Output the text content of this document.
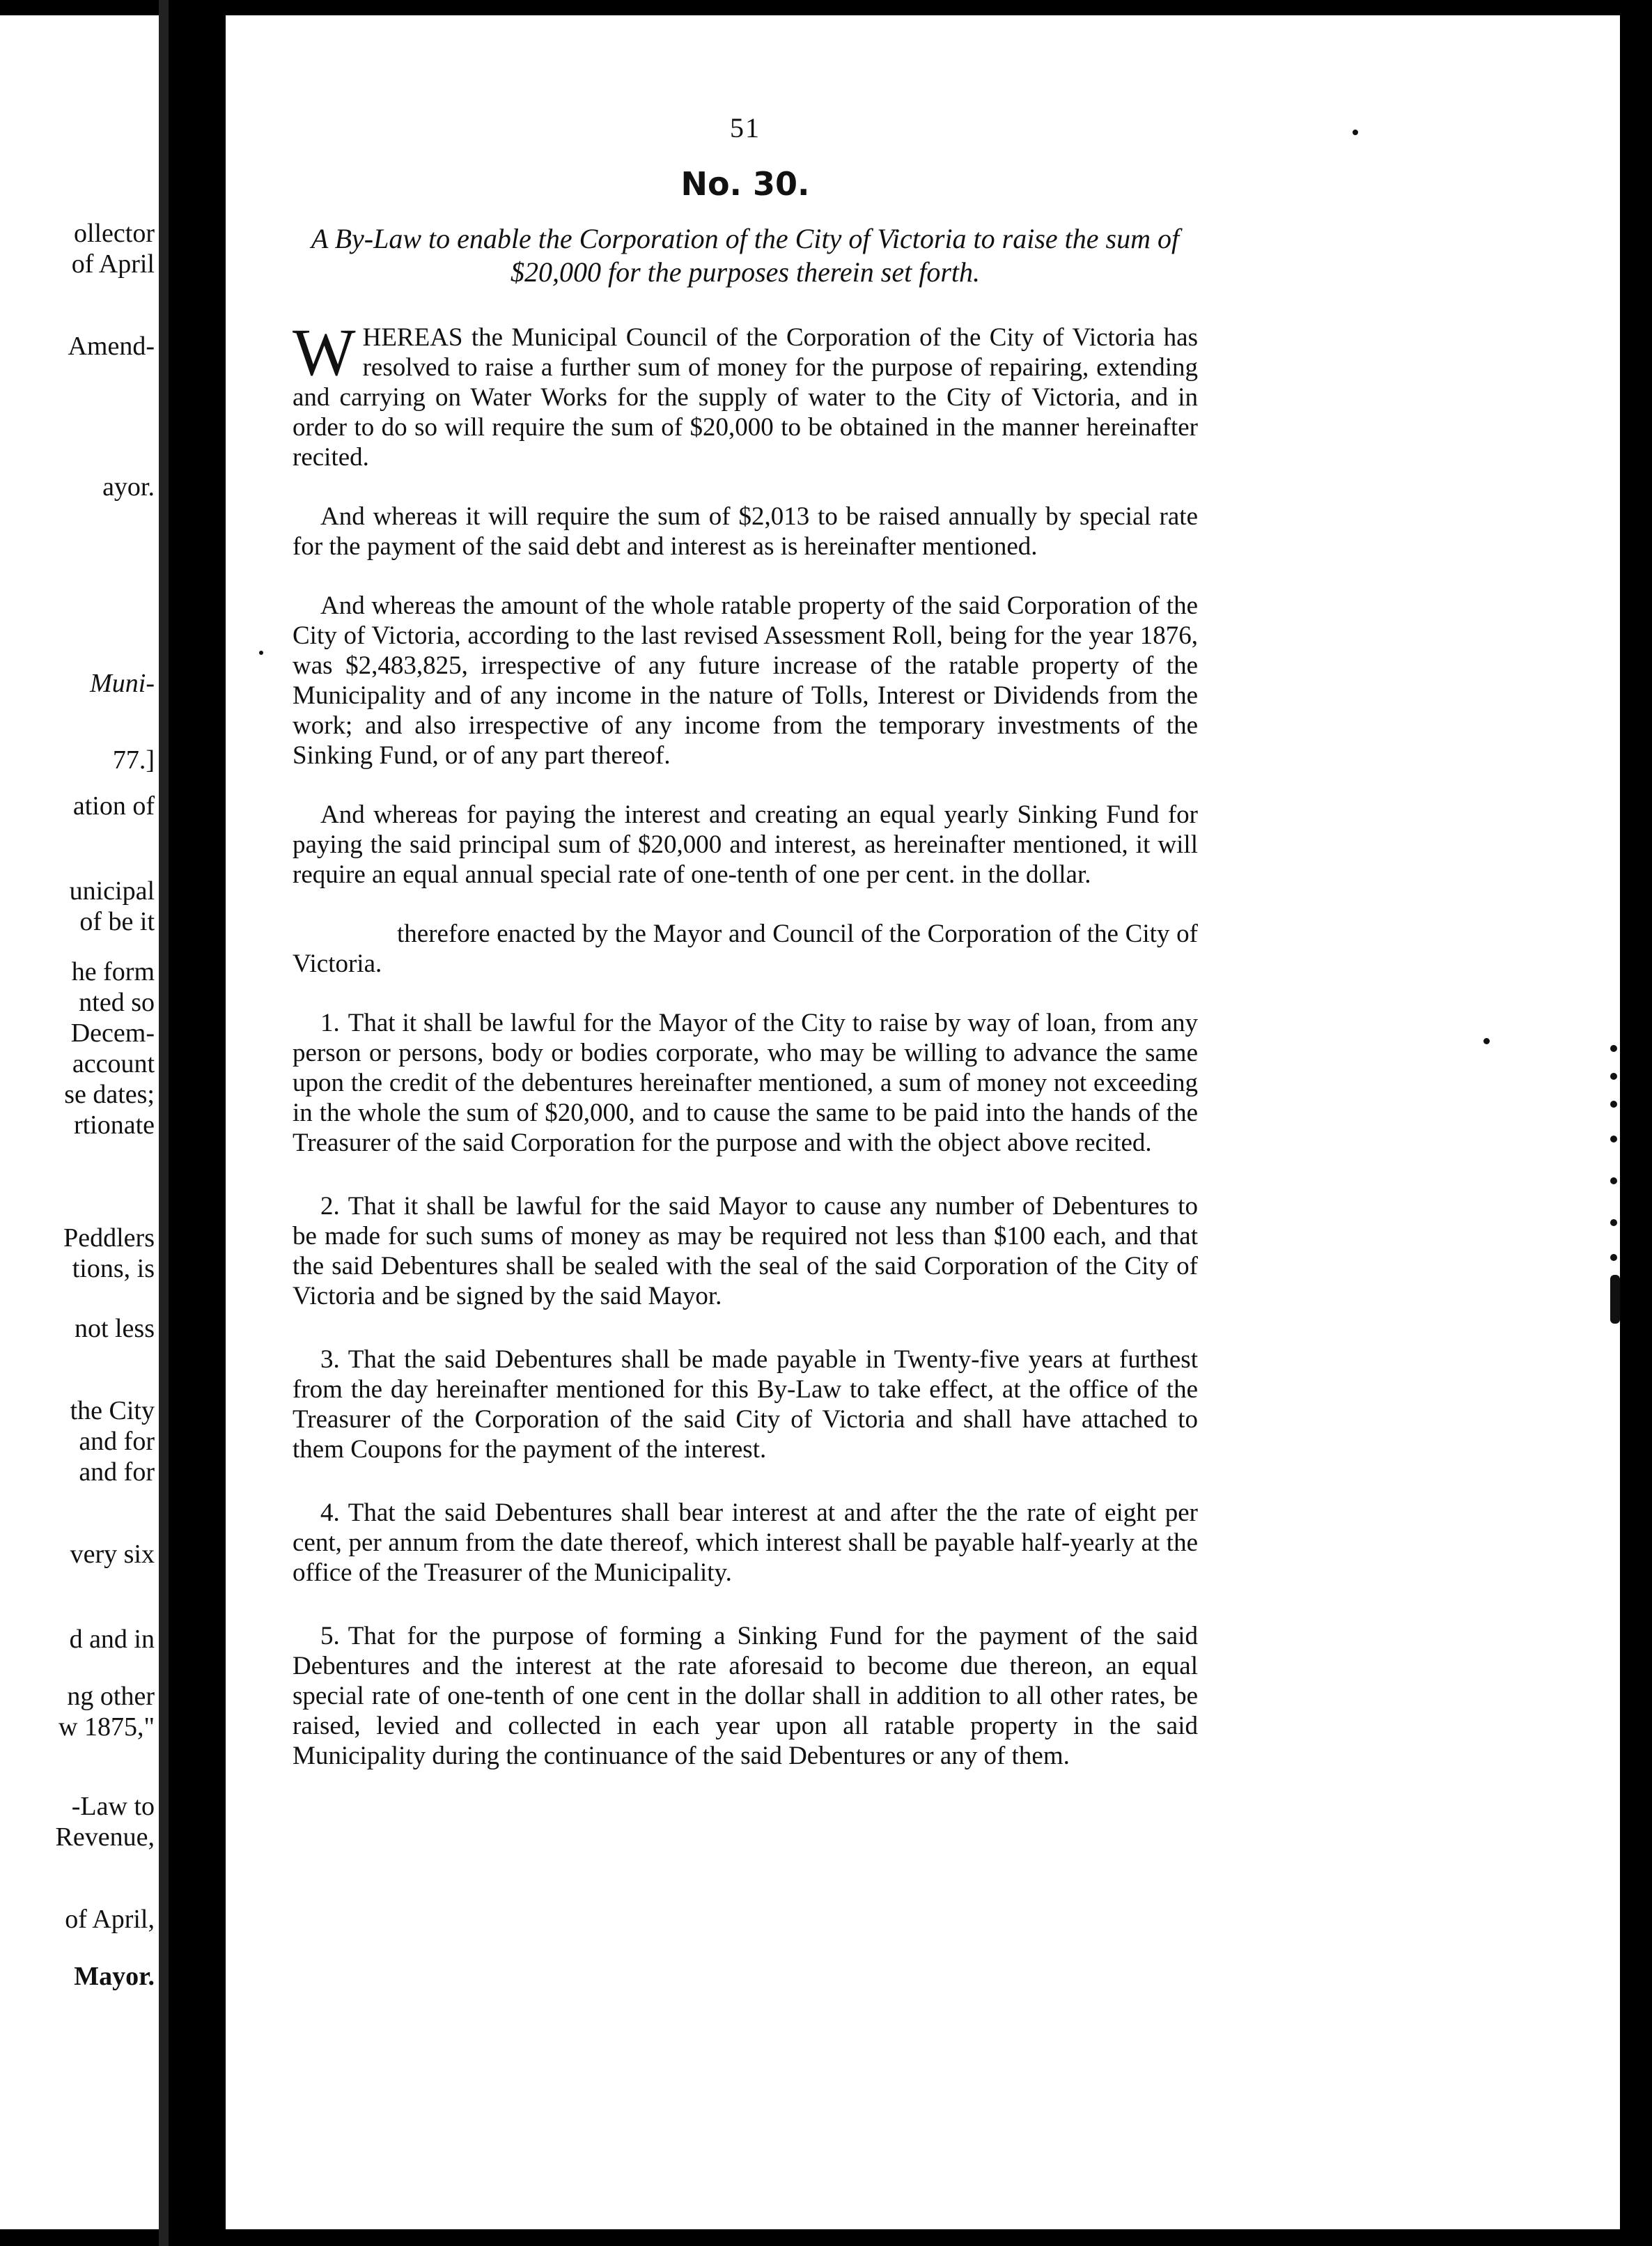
ollector
of April
Amend-
ayor.
Muni-
77.]
ation of
unicipal
of be it
he form
nted so
Decem-
account
se dates;
rtionate
Peddlers
tions, is
not less
the City
and for
and for
very six
d and in
ng other
w 1875,"
-Law to
Revenue,
of April,
Mayor.
51
No. 30.
A By-Law to enable the Corporation of the City of Victoria to raise the sum of $20,000 for the purposes therein set forth.

WHEREAS the Municipal Council of the Corporation of the City of Victoria has resolved to raise a further sum of money for the purpose of repairing, extending and carrying on Water Works for the supply of water to the City of Victoria, and in order to do so will require the sum of $20,000 to be obtained in the manner hereinafter recited.

And whereas it will require the sum of $2,013 to be raised annually by special rate for the payment of the said debt and interest as is hereinafter mentioned.

And whereas the amount of the whole ratable property of the said Corporation of the City of Victoria, according to the last revised Assessment Roll, being for the year 1876, was $2,483,825, irrespective of any future increase of the ratable property of the Municipality and of any income in the nature of Tolls, Interest or Dividends from the work; and also irrespective of any income from the temporary investments of the Sinking Fund, or of any part thereof.

And whereas for paying the interest and creating an equal yearly Sinking Fund for paying the said principal sum of $20,000 and interest, as hereinafter mentioned, it will require an equal annual special rate of one-tenth of one per cent. in the dollar.

therefore enacted by the Mayor and Council of the Corporation of the City of Victoria.

1. That it shall be lawful for the Mayor of the City to raise by way of loan, from any person or persons, body or bodies corporate, who may be willing to advance the same upon the credit of the debentures hereinafter mentioned, a sum of money not exceeding in the whole the sum of $20,000, and to cause the same to be paid into the hands of the Treasurer of the said Corporation for the purpose and with the object above recited.

2. That it shall be lawful for the said Mayor to cause any number of Debentures to be made for such sums of money as may be required not less than $100 each, and that the said Debentures shall be sealed with the seal of the said Corporation of the City of Victoria and be signed by the said Mayor.

3. That the said Debentures shall be made payable in Twenty-five years at furthest from the day hereinafter mentioned for this By-Law to take effect, at the office of the Treasurer of the Corporation of the said City of Victoria and shall have attached to them Coupons for the payment of the interest.

4. That the said Debentures shall bear interest at and after the the rate of eight per cent, per annum from the date thereof, which interest shall be payable half-yearly at the office of the Treasurer of the Municipality.

5. That for the purpose of forming a Sinking Fund for the payment of the said Debentures and the interest at the rate aforesaid to become due thereon, an equal special rate of one-tenth of one cent in the dollar shall in addition to all other rates, be raised, levied and collected in each year upon all ratable property in the said Municipality during the continuance of the said Debentures or any of them.
